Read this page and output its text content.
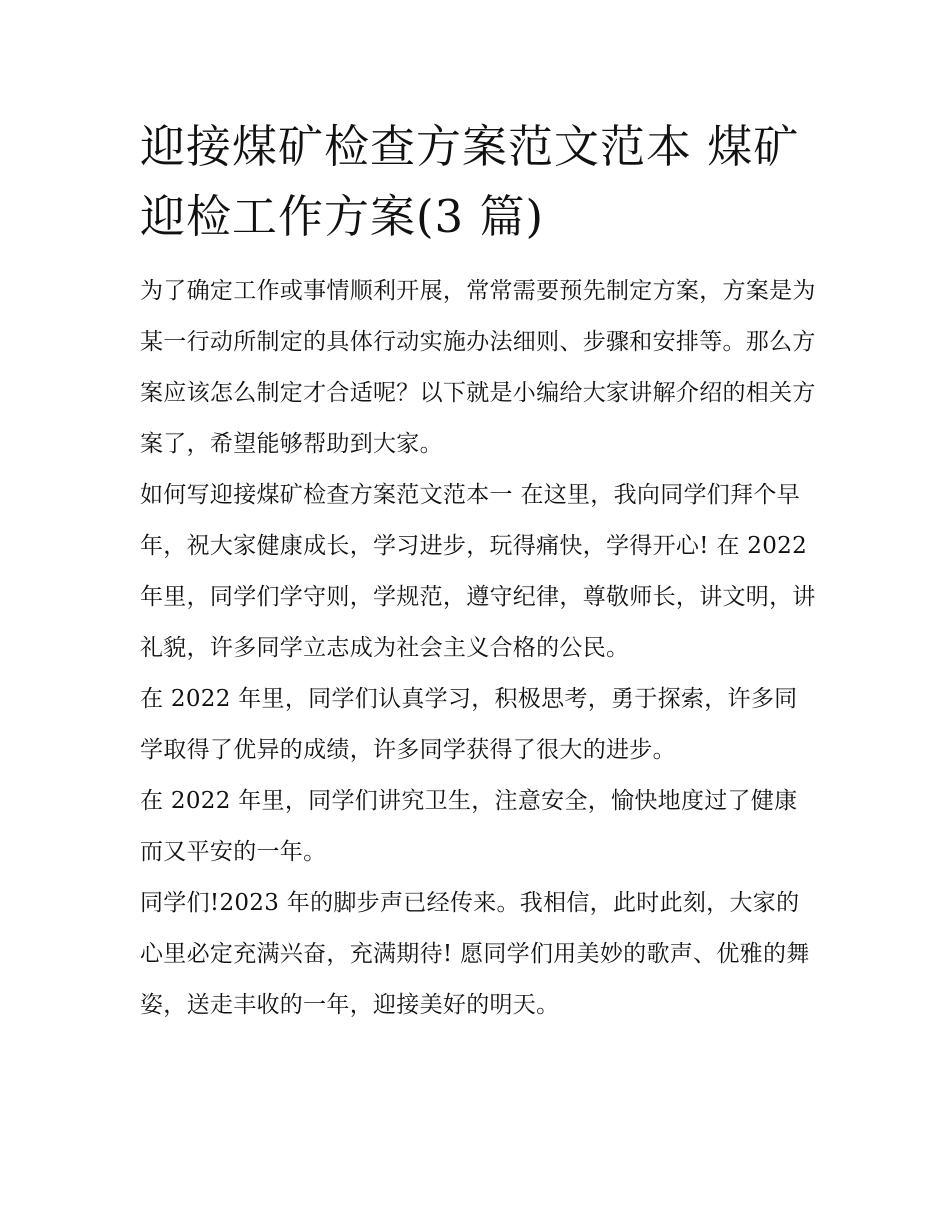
迎接煤矿检查方案范文范本 煤矿迎检工作方案(3 篇)

为了确定工作或事情顺利开展，常常需要预先制定方案，方案是为某一行动所制定的具体行动实施办法细则、步骤和安排等。那么方案应该怎么制定才合适呢？以下就是小编给大家讲解介绍的相关方案了，希望能够帮助到大家。

如何写迎接煤矿检查方案范文范本一 在这里，我向同学们拜个早年，祝大家健康成长，学习进步，玩得痛快，学得开心! 在 2022 年里，同学们学守则，学规范，遵守纪律，尊敬师长，讲文明，讲礼貌，许多同学立志成为社会主义合格的公民。

在 2022 年里，同学们认真学习，积极思考，勇于探索，许多同学取得了优异的成绩，许多同学获得了很大的进步。

在 2022 年里，同学们讲究卫生，注意安全，愉快地度过了健康而又平安的一年。

同学们!2023 年的脚步声已经传来。我相信，此时此刻，大家的心里必定充满兴奋，充满期待! 愿同学们用美妙的歌声、优雅的舞姿，送走丰收的一年，迎接美好的明天。
